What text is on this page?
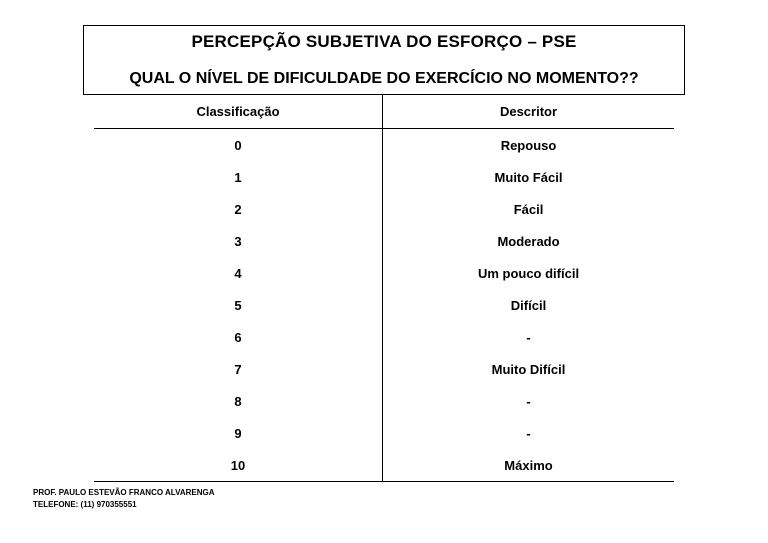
PERCEPÇÃO SUBJETIVA DO ESFORÇO – PSE
QUAL O NÍVEL DE DIFICULDADE DO EXERCÍCIO NO MOMENTO??
Classificação	Descritor
0	Repouso
1	Muito Fácil
2	Fácil
3	Moderado
4	Um pouco difícil
5	Difícil
6	-
7	Muito Difícil
8	-
9	-
10	Máximo
PROF. PAULO ESTEVÃO FRANCO ALVARENGA
TELEFONE: (11) 970355551
